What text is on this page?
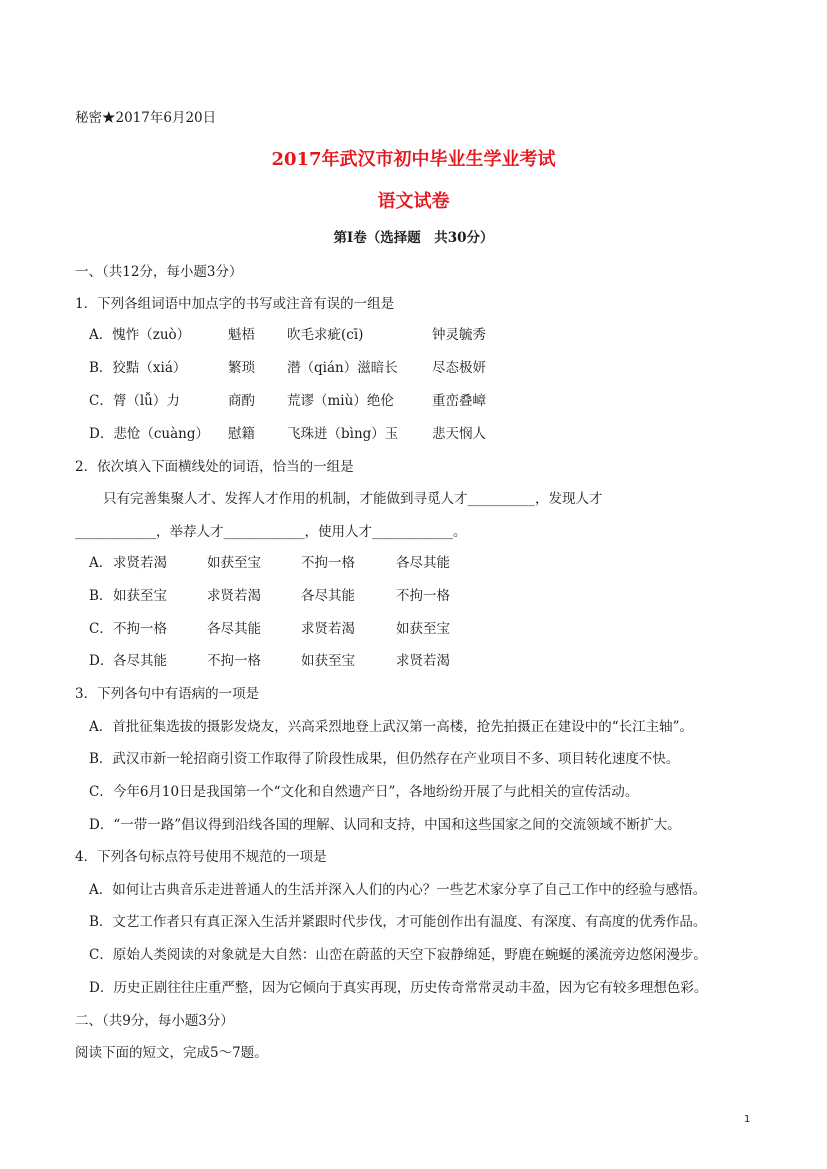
秘密★2017年6月20日
2017年武汉市初中毕业生学业考试
语文试卷
第Ⅰ卷（选择题　共30分）
一、（共12分，每小题3分）
1．下列各组词语中加点字的书写或注音有误的一组是
A．愧怍（zuò）	魁梧 吹毛求疵(cī)	钟灵毓秀
B．狡黠（xiá）	繁琐 潜（qián）滋暗长	尽态极妍
C．膂（lǚ）力	商酌 荒谬（miù）绝伦	重峦叠嶂
D．悲怆（cuàng） 慰籍 飞珠迸（bìng）玉 悲天悯人
2．依次填入下面横线处的词语，恰当的一组是
只有完善集聚人才、发挥人才作用的机制，才能做到寻觅人才__________，发现人才
____________，举荐人才____________，使用人才____________。
A． 求贤若渴	如获至宝	不拘一格	各尽其能
B． 如获至宝	求贤若渴	各尽其能	不拘一格
C． 不拘一格	各尽其能	求贤若渴	如获至宝
D． 各尽其能	不拘一格	如获至宝	求贤若渴
3．下列各句中有语病的一项是
A．首批征集选拔的摄影发烧友，兴高采烈地登上武汉第一高楼，抢先拍摄正在建设中的“长江主轴”。
B．武汉市新一轮招商引资工作取得了阶段性成果，但仍然存在产业项目不多、项目转化速度不快。
C．今年6月10日是我国第一个“文化和自然遗产日”，各地纷纷开展了与此相关的宣传活动。
D．“一带一路”倡议得到沿线各国的理解、认同和支持，中国和这些国家之间的交流领域不断扩大。
4．下列各句标点符号使用不规范的一项是
A．如何让古典音乐走进普通人的生活并深入人们的内心？一些艺术家分享了自己工作中的经验与感悟。
B．文艺工作者只有真正深入生活并紧跟时代步伐，才可能创作出有温度、有深度、有高度的优秀作品。
C．原始人类阅读的对象就是大自然：山峦在蔚蓝的天空下寂静绵延，野鹿在蜿蜒的溪流旁边悠闲漫步。
D．历史正剧往往庄重严整，因为它倾向于真实再现，历史传奇常常灵动丰盈，因为它有较多理想色彩。
二、（共9分，每小题3分）
阅读下面的短文，完成5～7题。
1
